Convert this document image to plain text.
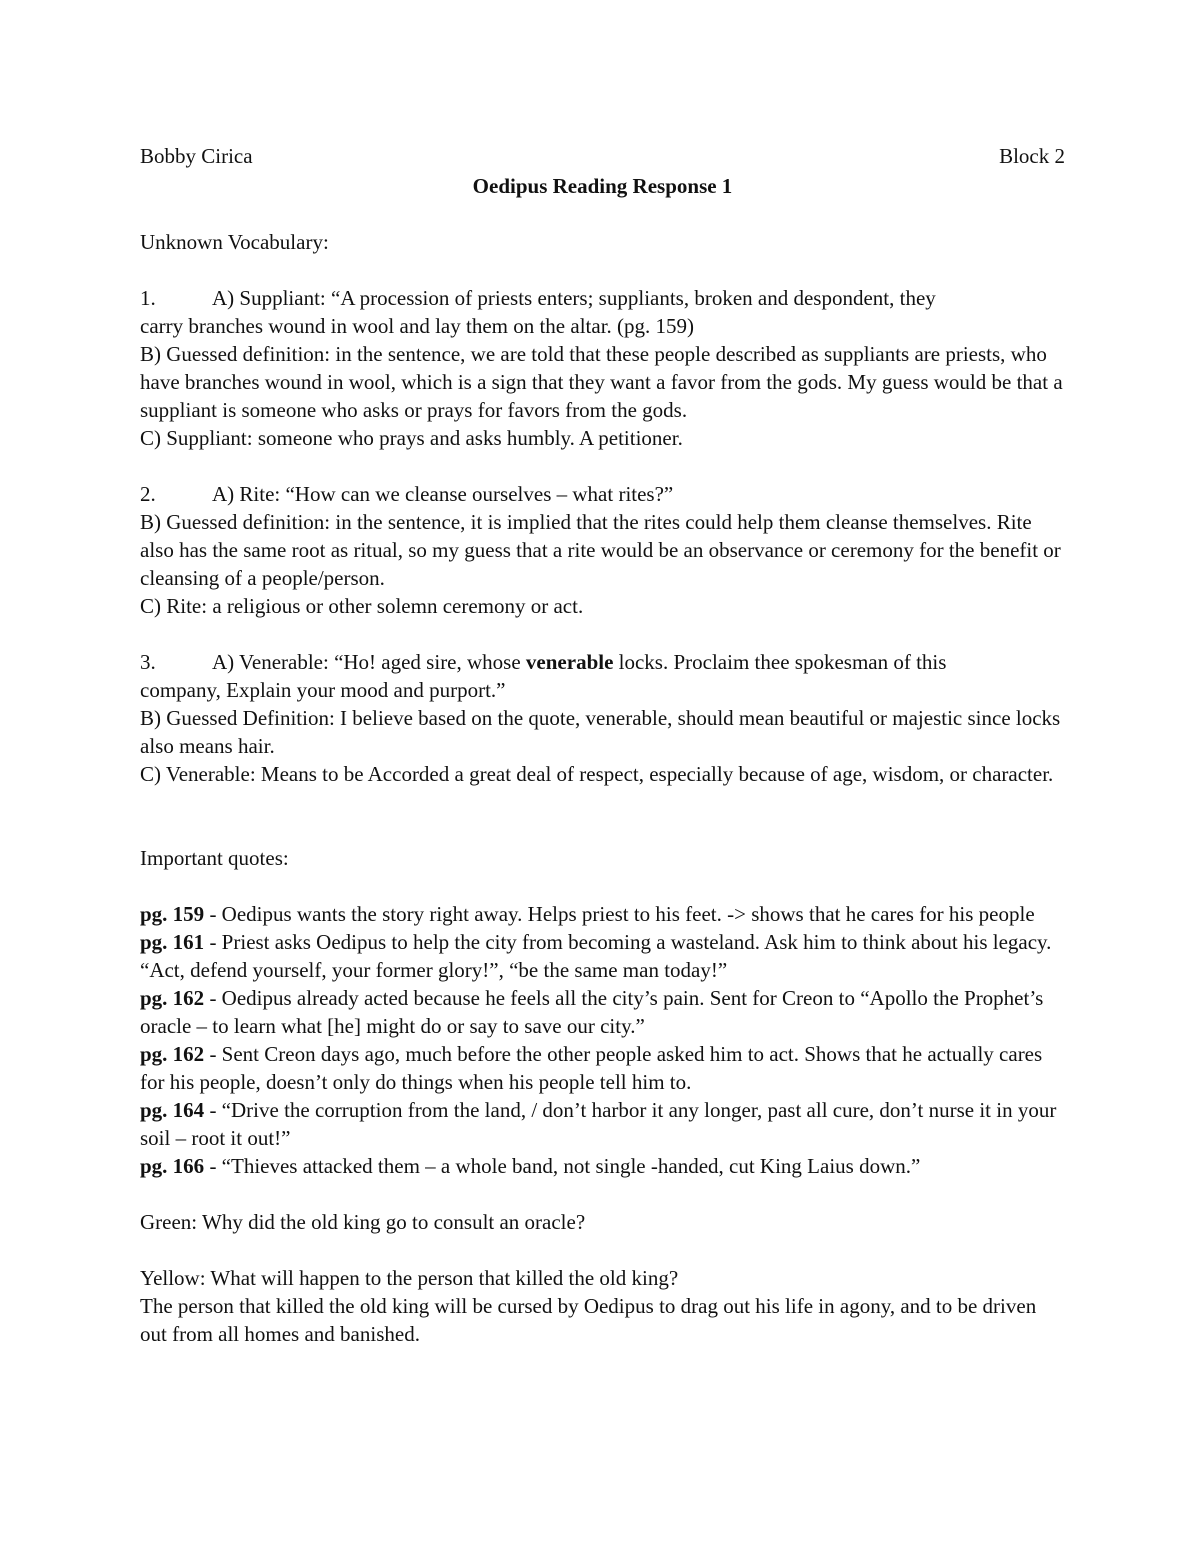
Bobby Cirica	Block 2
Oedipus Reading Response 1

Unknown Vocabulary:

1.	A) Suppliant: “A procession of priests enters; suppliants, broken and despondent, they

carry branches wound in wool and lay them on the altar. (pg. 159)

B) Guessed definition: in the sentence, we are told that these people described as suppliants are priests, who have branches wound in wool, which is a sign that they want a favor from the gods. My guess would be that a suppliant is someone who asks or prays for favors from the gods.

C) Suppliant: someone who prays and asks humbly. A petitioner.

2.	A) Rite: “How can we cleanse ourselves – what rites?”

B) Guessed definition: in the sentence, it is implied that the rites could help them cleanse themselves. Rite also has the same root as ritual, so my guess that a rite would be an observance or ceremony for the benefit or cleansing of a people/person.

C) Rite: a religious or other solemn ceremony or act.

3.	A) Venerable: “Ho! aged sire, whose venerable locks. Proclaim thee spokesman of this

company, Explain your mood and purport.”

B) Guessed Definition: I believe based on the quote, venerable, should mean beautiful or majestic since locks also means hair.

C) Venerable: Means to be Accorded a great deal of respect, especially because of age, wisdom, or character.

Important quotes:

pg. 159 - Oedipus wants the story right away. Helps priest to his feet. -> shows that he cares for his people

pg. 161 - Priest asks Oedipus to help the city from becoming a wasteland. Ask him to think about his legacy. “Act, defend yourself, your former glory!”, “be the same man today!”

pg. 162 - Oedipus already acted because he feels all the city’s pain. Sent for Creon to “Apollo the Prophet’s oracle – to learn what [he] might do or say to save our city.”

pg. 162 - Sent Creon days ago, much before the other people asked him to act. Shows that he actually cares for his people, doesn’t only do things when his people tell him to.

pg. 164 - “Drive the corruption from the land, / don’t harbor it any longer, past all cure, don’t nurse it in your soil – root it out!”

pg. 166 - “Thieves attacked them – a whole band, not single -handed, cut King Laius down.”

Green: Why did the old king go to consult an oracle?

Yellow: What will happen to the person that killed the old king?

The person that killed the old king will be cursed by Oedipus to drag out his life in agony, and to be driven out from all homes and banished.
